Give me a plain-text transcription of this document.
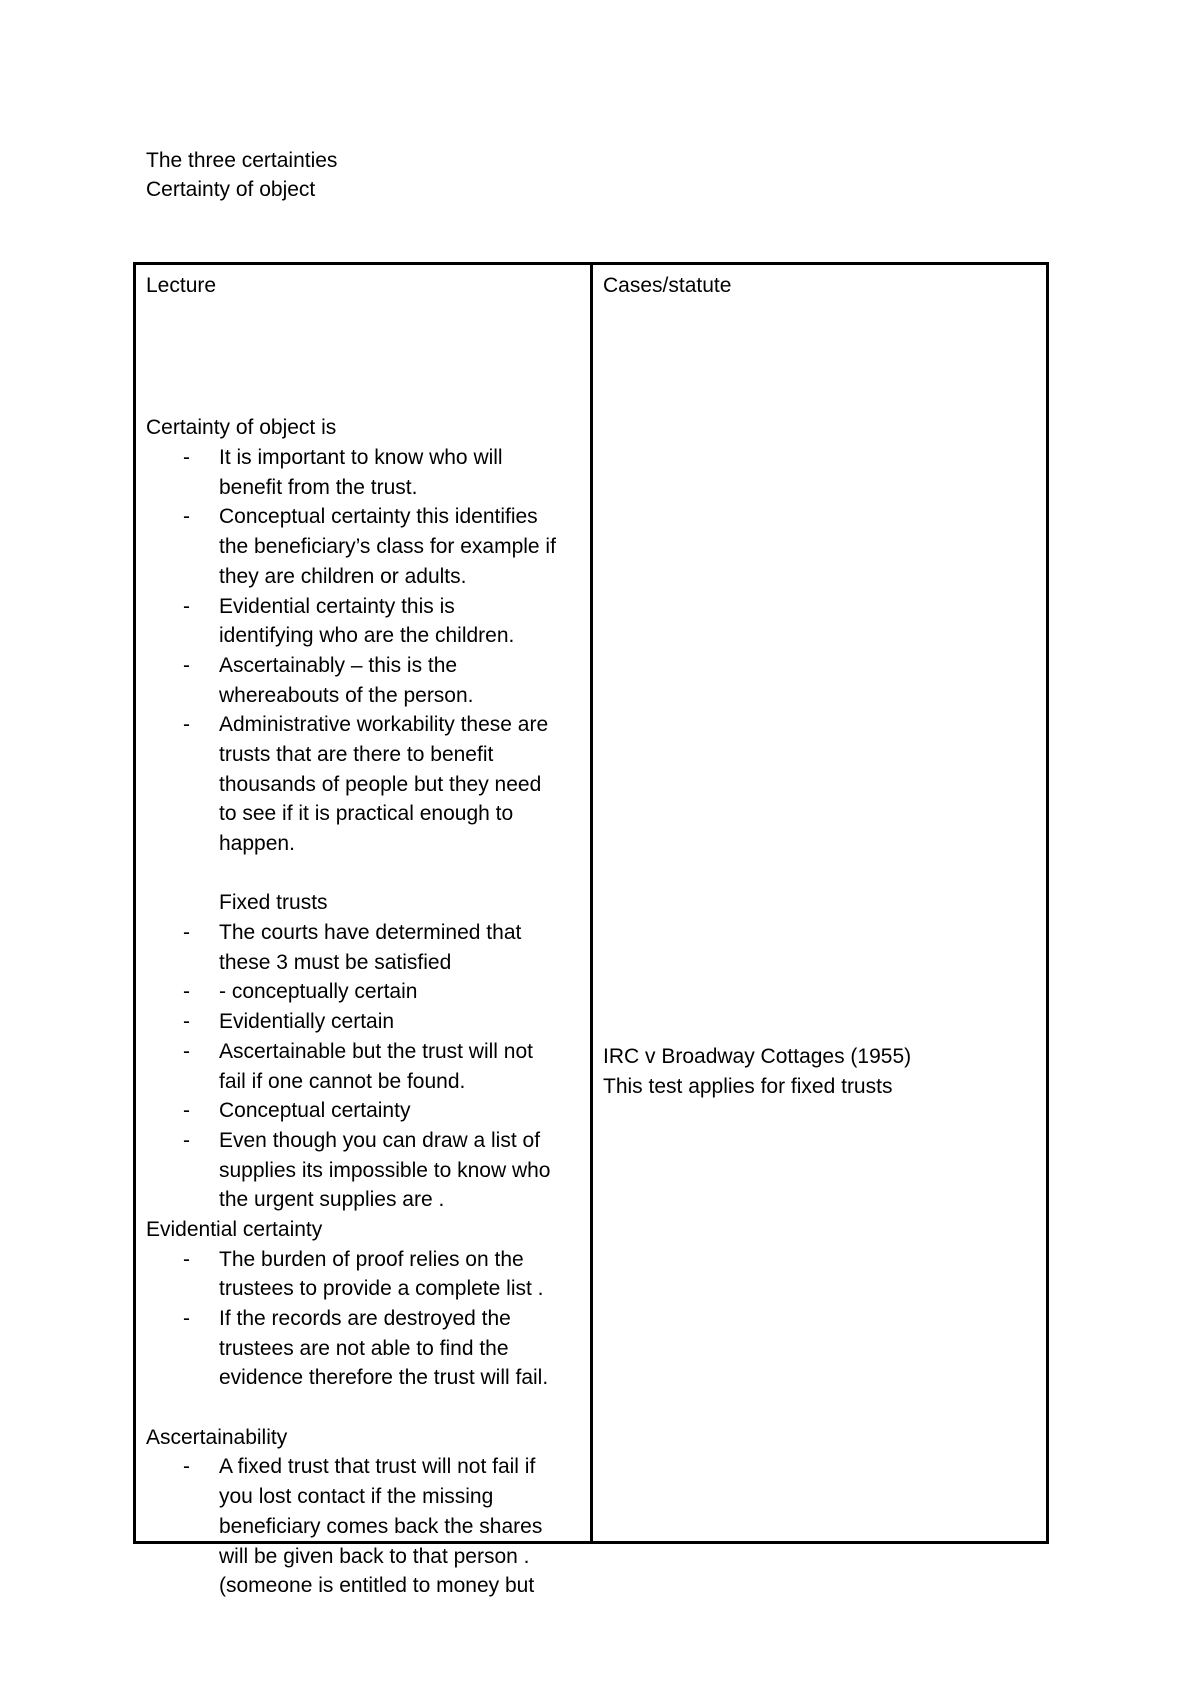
The three certainties
Certainty of object
Lecture
Certainty of object is
- It is important to know who will
benefit from the trust.
- Conceptual certainty this identifies
the beneficiary’s class for example if
they are children or adults.
- Evidential certainty this is
identifying who are the children.
- Ascertainably – this is the
whereabouts of the person.
- Administrative workability these are
trusts that are there to benefit
thousands of people but they need
to see if it is practical enough to
happen.
Fixed trusts
- The courts have determined that
these 3 must be satisfied
- - conceptually certain
- Evidentially certain
- Ascertainable but the trust will not
fail if one cannot be found.
- Conceptual certainty
- Even though you can draw a list of
supplies its impossible to know who
the urgent supplies are .
Evidential certainty
- The burden of proof relies on the
trustees to provide a complete list .
- If the records are destroyed the
trustees are not able to find the
evidence therefore the trust will fail.
Ascertainability
- A fixed trust that trust will not fail if
you lost contact if the missing
beneficiary comes back the shares
will be given back to that person .
(someone is entitled to money but
Cases/statute
IRC v Broadway Cottages (1955)
This test applies for fixed trusts
